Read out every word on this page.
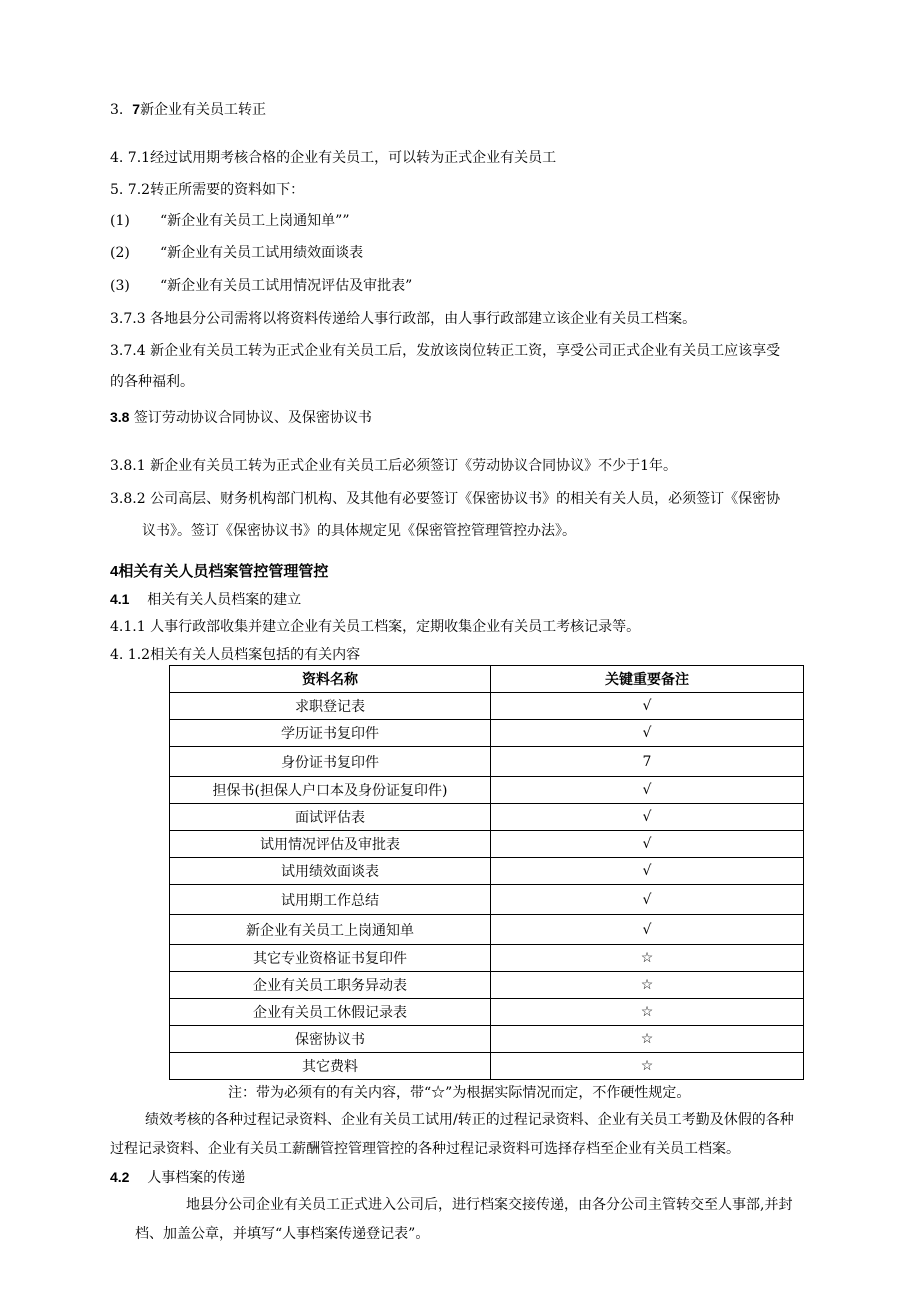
3. 7新企业有关员工转正
4. 7.1经过试用期考核合格的企业有关员工，可以转为正式企业有关员工
5. 7.2转正所需要的资料如下：
(1) “新企业有关员工上岗通知单””
(2) “新企业有关员工试用绩效面谈表
(3) “新企业有关员工试用情况评估及审批表”
3.7.3 各地县分公司需将以将资料传递给人事行政部，由人事行政部建立该企业有关员工档案。
3.7.4 新企业有关员工转为正式企业有关员工后，发放该岗位转正工资，享受公司正式企业有关员工应该享受
的各种福利。
3.8 签订劳动协议合同协议、及保密协议书
3.8.1 新企业有关员工转为正式企业有关员工后必须签订《劳动协议合同协议》不少于1年。
3.8.2 公司高层、财务机构部门机构、及其他有必要签订《保密协议书》的相关有关人员，必须签订《保密协
议书》。签订《保密协议书》的具体规定见《保密管控管理管控办法》。
4相关有关人员档案管控管理管控
4.1 相关有关人员档案的建立
4.1.1 人事行政部收集并建立企业有关员工档案，定期收集企业有关员工考核记录等。
4. 1.2相关有关人员档案包括的有关内容
资料名称	关键重要备注
求职登记表	√
学历证书复印件	√
身份证书复印件	7
担保书(担保人户口本及身份证复印件)	√
面试评估表	√
试用情况评估及审批表	√
试用绩效面谈表	√
试用期工作总结	√
新企业有关员工上岗通知单	√
其它专业资格证书复印件	☆
企业有关员工职务异动表	☆
企业有关员工休假记录表	☆
保密协议书	☆
其它费料	☆
注：带为必须有的有关内容，带“☆”为根据实际情况而定，不作硬性规定。
绩效考核的各种过程记录资料、企业有关员工试用/转正的过程记录资料、企业有关员工考勤及休假的各种
过程记录资料、企业有关员工薪酬管控管理管控的各种过程记录资料可选择存档至企业有关员工档案。
4.2 人事档案的传递
地县分公司企业有关员工正式进入公司后，进行档案交接传递，由各分公司主管转交至人事部,并封
档、加盖公章，并填写“人事档案传递登记表”。
